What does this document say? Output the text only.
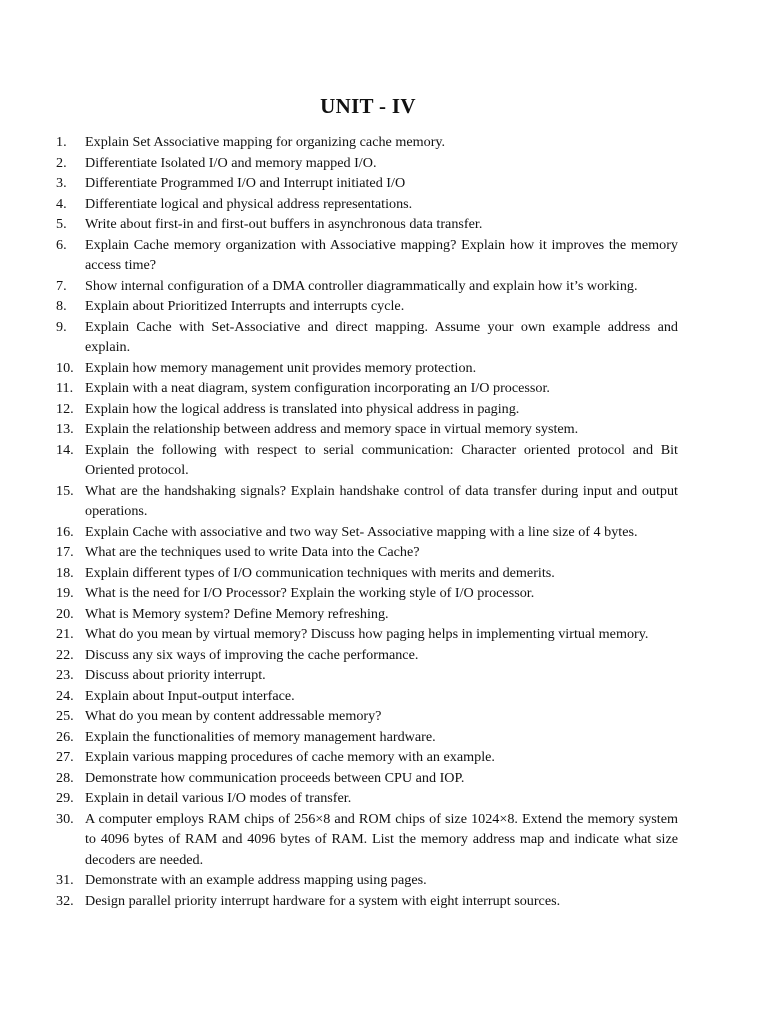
UNIT - IV
1.	Explain Set Associative mapping for organizing cache memory.
2.	Differentiate Isolated I/O and memory mapped I/O.
3.	Differentiate Programmed I/O and Interrupt initiated I/O
4.	Differentiate logical and physical address representations.
5.	Write about first-in and first-out buffers in asynchronous data transfer.
6.	Explain Cache memory organization with Associative mapping? Explain how it improves the memory access time?
7.	Show internal configuration of a DMA controller diagrammatically and explain how it’s working.
8.	Explain about Prioritized Interrupts and interrupts cycle.
9.	Explain Cache with Set-Associative and direct mapping. Assume your own example address and explain.
10. Explain how memory management unit provides memory protection.
11. Explain with a neat diagram, system configuration incorporating an I/O processor.
12. Explain how the logical address is translated into physical address in paging.
13. Explain the relationship between address and memory space in virtual memory system.
14. Explain the following with respect to serial communication: Character oriented protocol and Bit Oriented protocol.
15. What are the handshaking signals? Explain handshake control of data transfer during input and output operations.
16. Explain Cache with associative and two way Set- Associative mapping with a line size of 4 bytes.
17. What are the techniques used to write Data into the Cache?
18. Explain different types of I/O communication techniques with merits and demerits.
19. What is the need for I/O Processor? Explain the working style of I/O processor.
20. What is Memory system? Define Memory refreshing.
21. What do you mean by virtual memory? Discuss how paging helps in implementing virtual memory.
22. Discuss any six ways of improving the cache performance.
23. Discuss about priority interrupt.
24. Explain about Input-output interface.
25. What do you mean by content addressable memory?
26. Explain the functionalities of memory management hardware.
27. Explain various mapping procedures of cache memory with an example.
28. Demonstrate how communication proceeds between CPU and IOP.
29. Explain in detail various I/O modes of transfer.
30. A computer employs RAM chips of 256×8 and ROM chips of size 1024×8. Extend the memory system to 4096 bytes of RAM and 4096 bytes of RAM. List the memory address map and indicate what size decoders are needed.
31. Demonstrate with an example address mapping using pages.
32. Design parallel priority interrupt hardware for a system with eight interrupt sources.
